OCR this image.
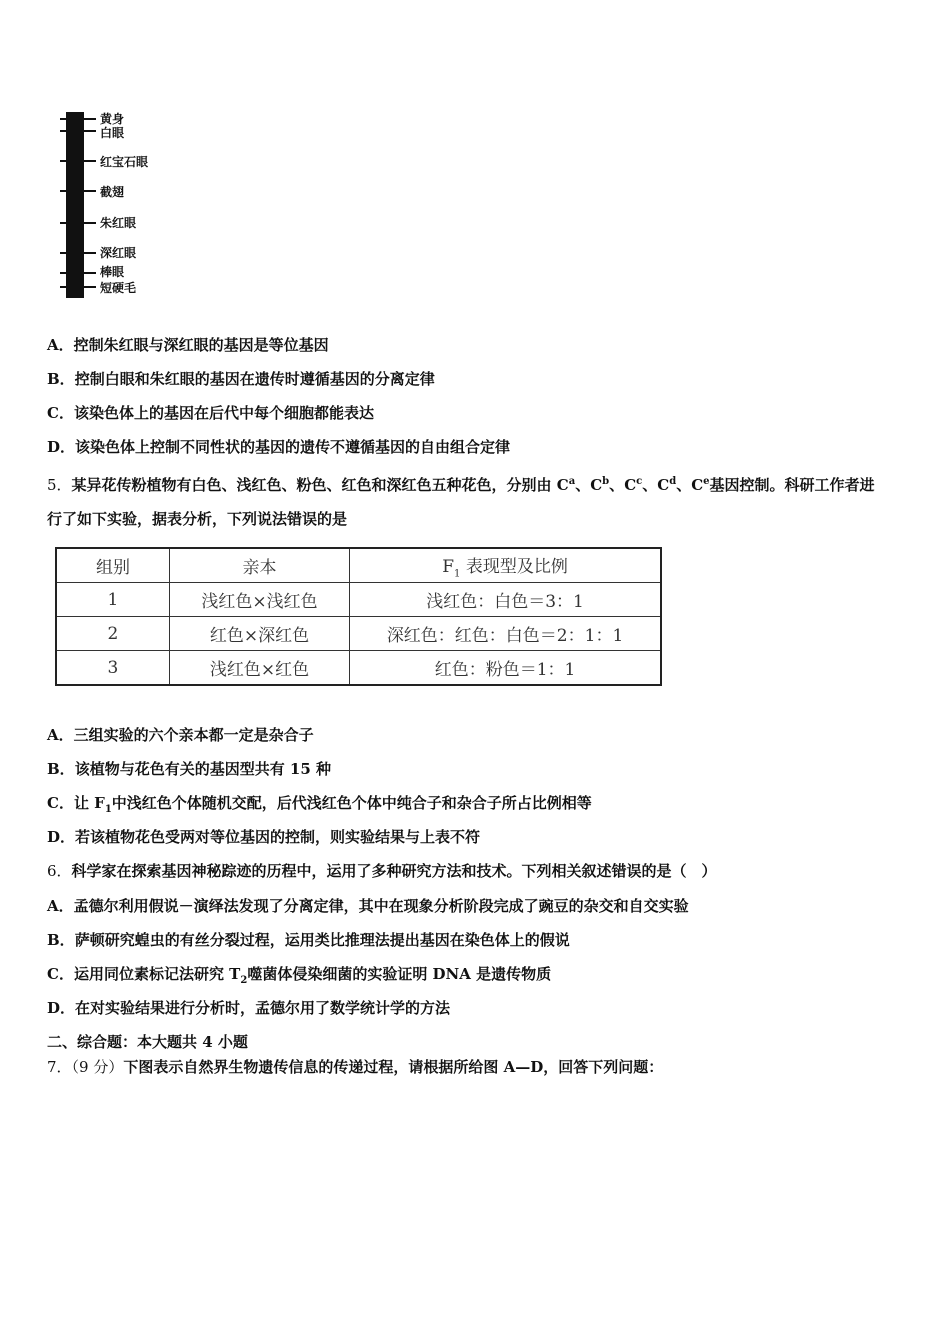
黄身
白眼
红宝石眼
截翅
朱红眼
深红眼
棒眼
短硬毛
A．控制朱红眼与深红眼的基因是等位基因
B．控制白眼和朱红眼的基因在遗传时遵循基因的分离定律
C．该染色体上的基因在后代中每个细胞都能表达
D．该染色体上控制不同性状的基因的遗传不遵循基因的自由组合定律
5．某异花传粉植物有白色、浅红色、粉色、红色和深红色五种花色，分别由 $C^a$、$C^b$、$C^c$、$C^d$、Ce基因控制。科研工作者进
行了如下实验，据表分析，下列说法错误的是
组别	亲本	$F_1$ 表现型及比例
1	浅红色×浅红色	浅红色：白色＝3：1
2	红色×深红色	深红色：红色：白色＝2：1：1
3	浅红色×红色	红色：粉色＝1：1
A．三组实验的六个亲本都一定是杂合子
B．该植物与花色有关的基因型共有 15 种
C．让 $F_1$中浅红色个体随机交配，后代浅红色个体中纯合子和杂合子所占比例相等
D．若该植物花色受两对等位基因的控制，则实验结果与上表不符
6．科学家在探索基因神秘踪迹的历程中，运用了多种研究方法和技术。下列相关叙述错误的是（　）
A．孟德尔利用假说－演绎法发现了分离定律，其中在现象分析阶段完成了豌豆的杂交和自交实验
B．萨顿研究蝗虫的有丝分裂过程，运用类比推理法提出基因在染色体上的假说
C．运用同位素标记法研究 $T_2$噬菌体侵染细菌的实验证明 DNA 是遗传物质
D．在对实验结果进行分析时，孟德尔用了数学统计学的方法
二、综合题：本大题共 4 小题
7．（9 分）下图表示自然界生物遗传信息的传递过程，请根据所给图 A—D，回答下列问题：
